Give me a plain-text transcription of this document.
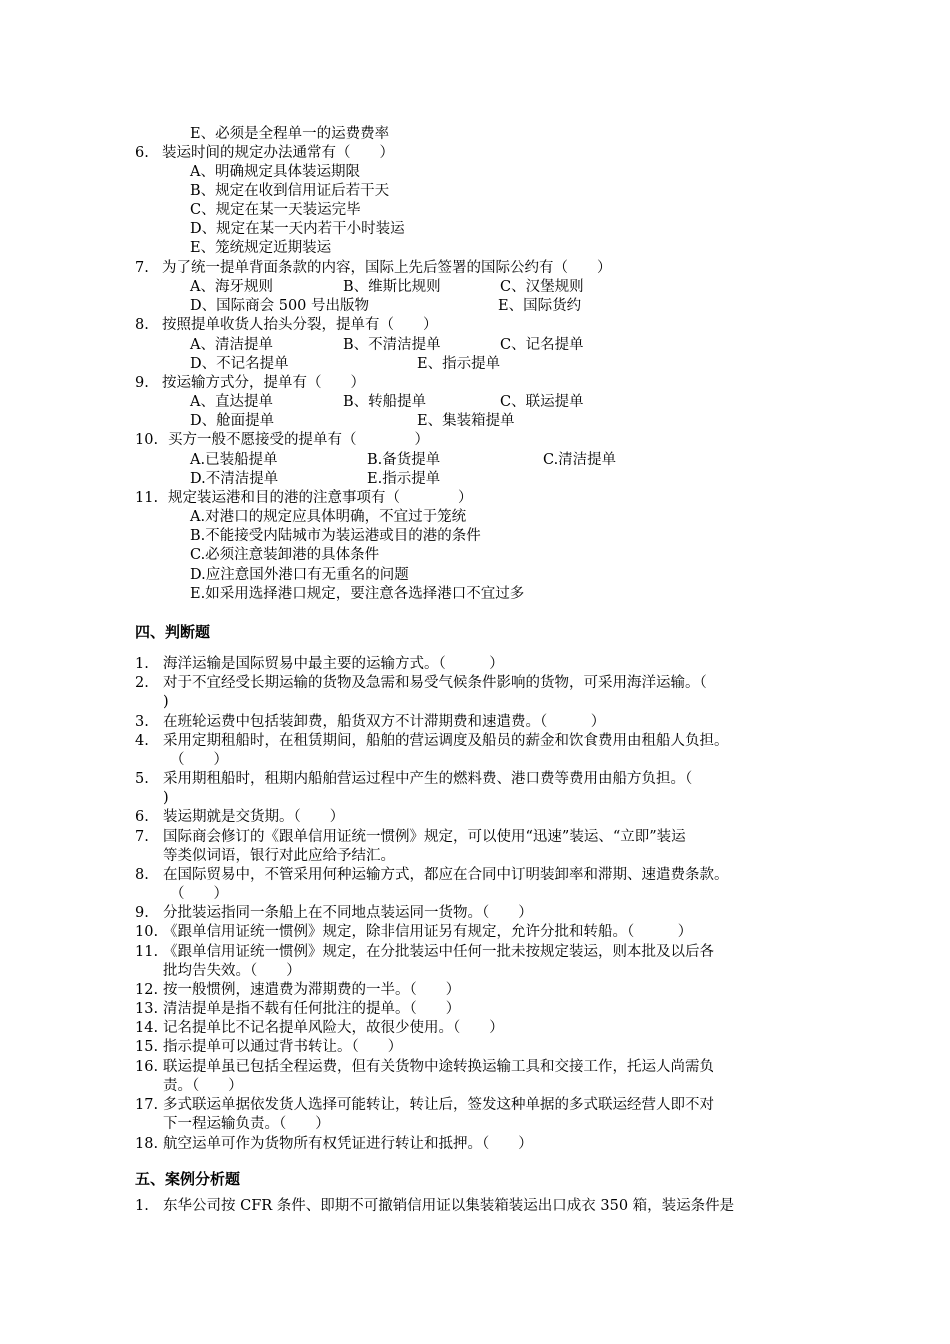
E、必须是全程单一的运费费率
6. 装运时间的规定办法通常有（　　）
A、明确规定具体装运期限
B、规定在收到信用证后若干天
C、规定在某一天装运完毕
D、规定在某一天内若干小时装运
E、笼统规定近期装运
7. 为了统一提单背面条款的内容，国际上先后签署的国际公约有（　　）
A、海牙规则	B、维斯比规则	C、汉堡规则
D、国际商会 500 号出版物	E、国际货约
8. 按照提单收货人抬头分裂，提单有（　　）
A、清洁提单	B、不清洁提单	C、记名提单
D、不记名提单	E、指示提单
9. 按运输方式分，提单有（　　）
A、直达提单	B、转船提单	C、联运提单
D、舱面提单	E、集装箱提单
10. 买方一般不愿接受的提单有（　　　　）
A.已装船提单	B.备货提单	C.清洁提单
D.不清洁提单	E.指示提单
11. 规定装运港和目的港的注意事项有（　　　　）
A.对港口的规定应具体明确，不宜过于笼统
B.不能接受内陆城市为装运港或目的港的条件
C.必须注意装卸港的具体条件
D.应注意国外港口有无重名的问题
E.如采用选择港口规定，要注意各选择港口不宜过多
四、判断题
1. 海洋运输是国际贸易中最主要的运输方式。（　　　）
2. 对于不宜经受长期运输的货物及急需和易受气候条件影响的货物，可采用海洋运输。（
)
3. 在班轮运费中包括装卸费，船货双方不计滞期费和速遣费。（　　　）
4. 采用定期租船时，在租赁期间，船舶的营运调度及船员的薪金和饮食费用由租船人负担。
（　　）
5. 采用期租船时，租期内船舶营运过程中产生的燃料费、港口费等费用由船方负担。（
)
6. 装运期就是交货期。（　　）
7. 国际商会修订的《跟单信用证统一惯例》规定，可以使用“迅速”装运、“立即”装运
等类似词语，银行对此应给予结汇。
8. 在国际贸易中，不管采用何种运输方式，都应在合同中订明装卸率和滞期、速遣费条款。
（　　）
9. 分批装运指同一条船上在不同地点装运同一货物。（　　）
10. 《跟单信用证统一惯例》规定，除非信用证另有规定，允许分批和转船。（　　　）
11. 《跟单信用证统一惯例》规定，在分批装运中任何一批未按规定装运，则本批及以后各
批均告失效。（　　）
12. 按一般惯例，速遣费为滞期费的一半。（　　）
13. 清洁提单是指不载有任何批注的提单。（　　）
14. 记名提单比不记名提单风险大，故很少使用。（　　）
15. 指示提单可以通过背书转让。（　　）
16. 联运提单虽已包括全程运费，但有关货物中途转换运输工具和交接工作，托运人尚需负
责。（　　）
17. 多式联运单据依发货人选择可能转让，转让后，签发这种单据的多式联运经营人即不对
下一程运输负责。（　　）
18. 航空运单可作为货物所有权凭证进行转让和抵押。（　　）
五、案例分析题
1. 东华公司按 CFR 条件、即期不可撤销信用证以集装箱装运出口成衣 350 箱，装运条件是
